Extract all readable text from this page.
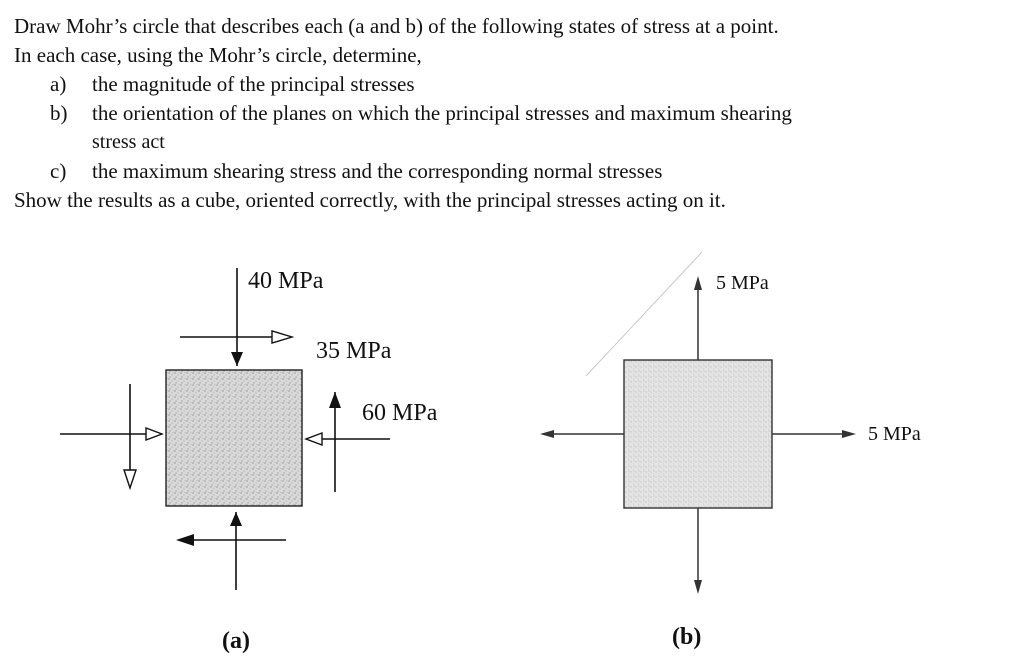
Draw Mohr’s circle that describes each (a and b) of the following states of stress at a point.
In each case, using the Mohr’s circle, determine,
a) the magnitude of the principal stresses
b) the orientation of the planes on which the principal stresses and maximum shearing
stress act
c) the maximum shearing stress and the corresponding normal stresses
Show the results as a cube, oriented correctly, with the principal stresses acting on it.
40 MPa
35 MPa
60 MPa
(a)
5 MPa
5 MPa
(b)
